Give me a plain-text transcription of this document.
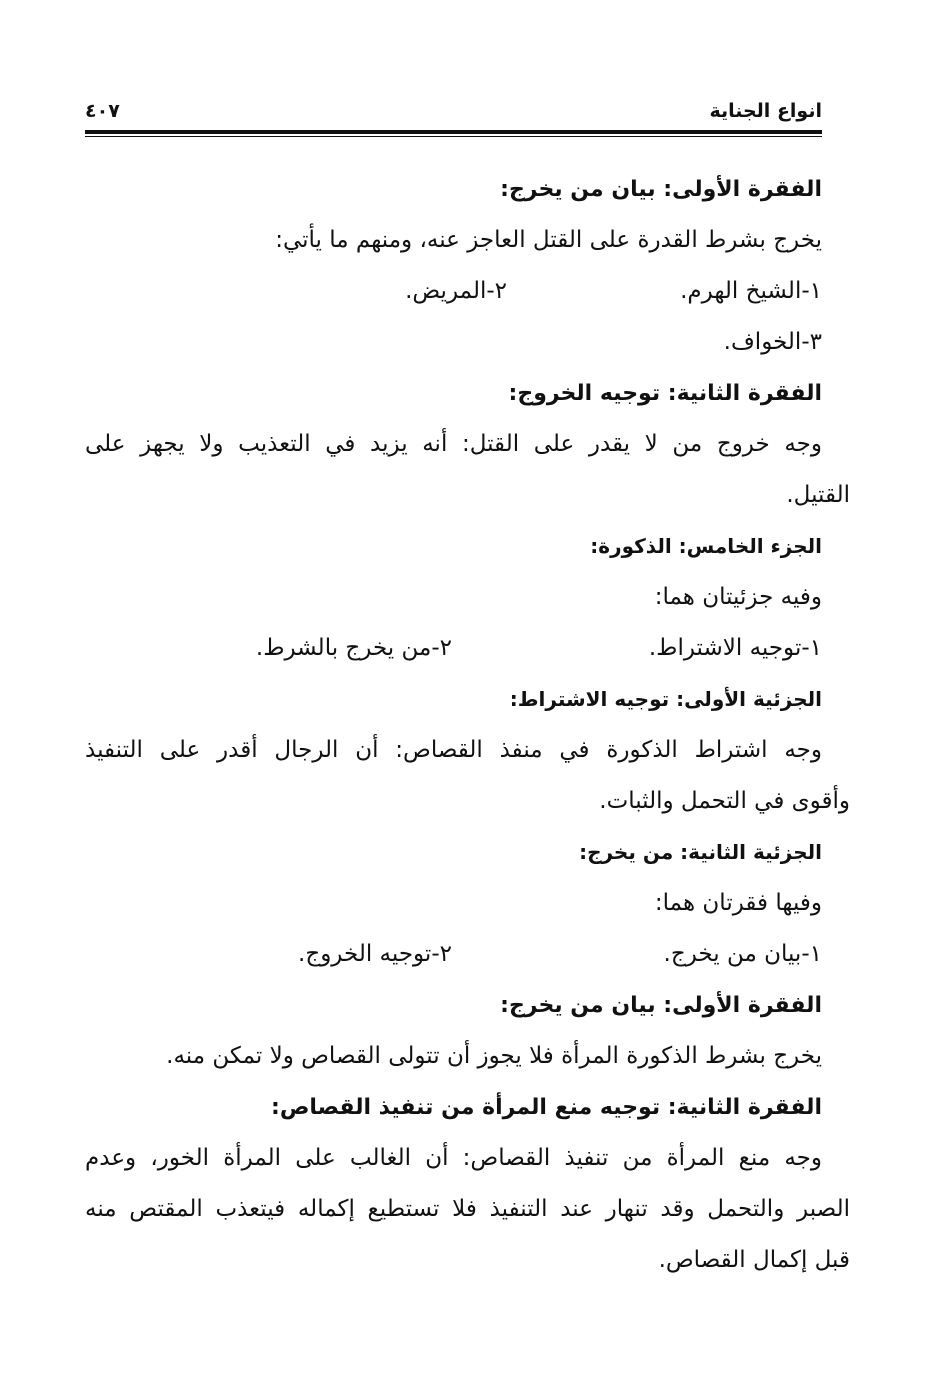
انواع الجناية
٤٠٧
الفقرة الأولى: بيان من يخرج:
يخرج بشرط القدرة على القتل العاجز عنه، ومنهم ما يأتي:
١-الشيخ الهرم.
٢-المريض.
٣-الخواف.
الفقرة الثانية: توجيه الخروج:
وجه خروج من لا يقدر على القتل: أنه يزيد في التعذيب ولا يجهز على
القتيل.
الجزء الخامس: الذكورة:
وفيه جزئيتان هما:
١-توجيه الاشتراط.
٢-من يخرج بالشرط.
الجزئية الأولى: توجيه الاشتراط:
وجه اشتراط الذكورة في منفذ القصاص: أن الرجال أقدر على التنفيذ
وأقوى في التحمل والثبات.
الجزئية الثانية: من يخرج:
وفيها فقرتان هما:
١-بيان من يخرج.
٢-توجيه الخروج.
الفقرة الأولى: بيان من يخرج:
يخرج بشرط الذكورة المرأة فلا يجوز أن تتولى القصاص ولا تمكن منه.
الفقرة الثانية: توجيه منع المرأة من تنفيذ القصاص:
وجه منع المرأة من تنفيذ القصاص: أن الغالب على المرأة الخور، وعدم
الصبر والتحمل وقد تنهار عند التنفيذ فلا تستطيع إكماله فيتعذب المقتص منه
قبل إكمال القصاص.
